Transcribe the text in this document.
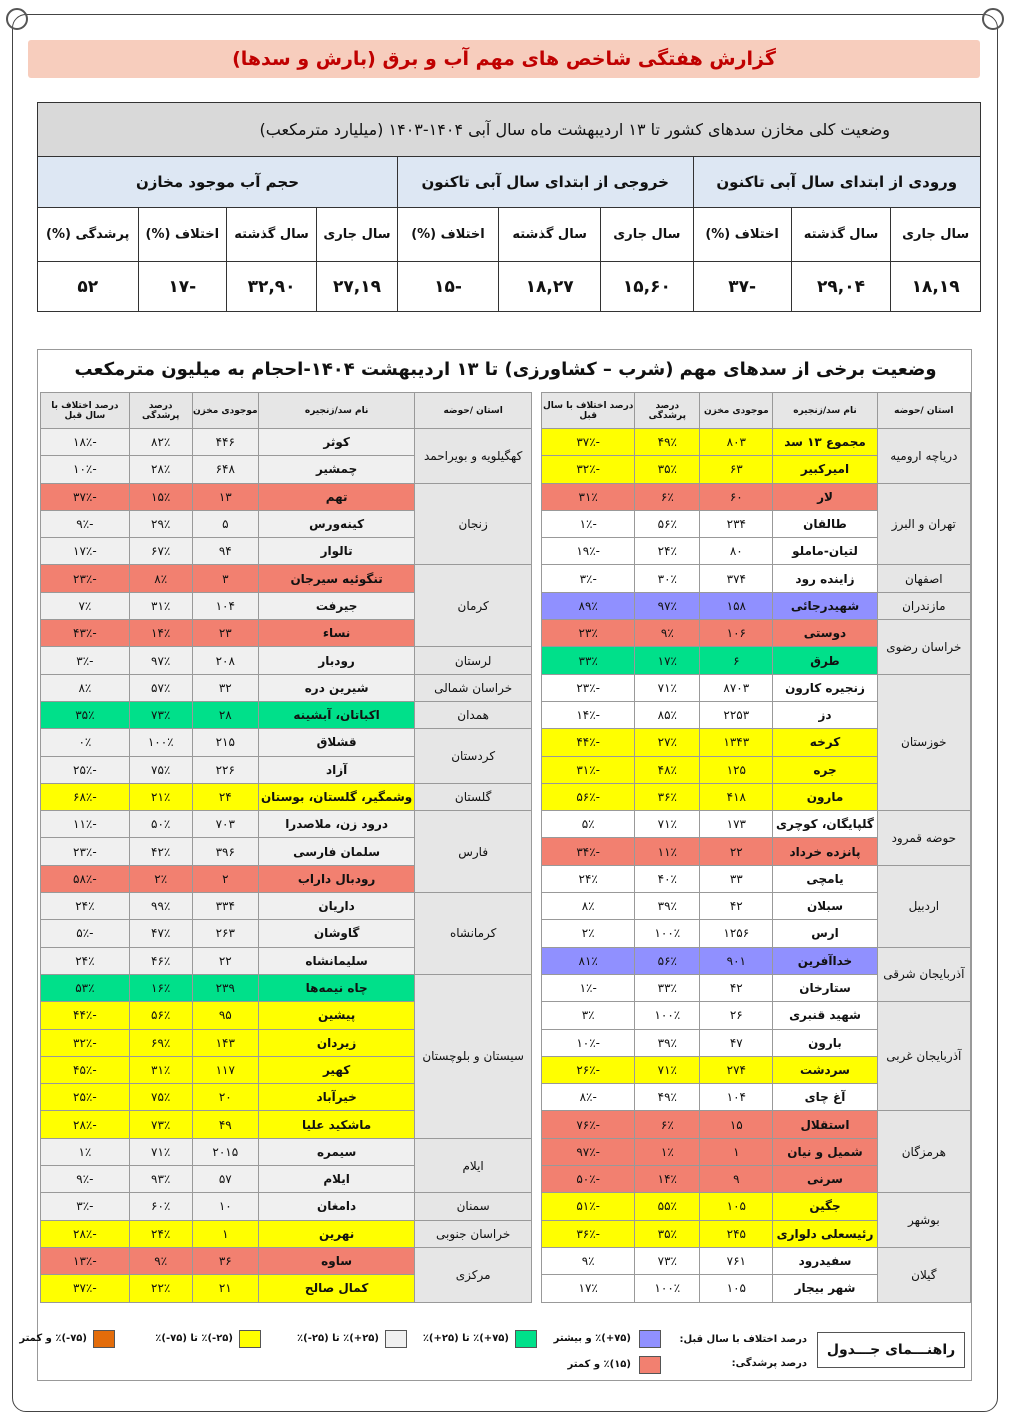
گزارش هفتگی شاخص های مهم آب و برق (بارش و سدها)
وضعیت کلی مخازن سدهای کشور تا ۱۳ اردیبهشت ماه سال آبی ۱۴۰۴-۱۴۰۳ (میلیارد مترمکعب)									
ورودی از ابتدای سال آبی تاکنون			خروجی از ابتدای سال آبی تاکنون			حجم آب موجود مخازن			
سال جاری	سال گذشته	اختلاف (%)	سال جاری	سال گذشته	اختلاف (%)	سال جاری	سال گذشته	اختلاف (%)	پرشدگی (%)
۱۸,۱۹	۲۹,۰۴	-۳۷	۱۵,۶۰	۱۸,۲۷	-۱۵	۲۷,۱۹	۳۲,۹۰	-۱۷	۵۲
وضعیت برخی از سدهای مهم (شرب – کشاورزی) تا ۱۳ اردیبهشت ۱۴۰۴-احجام به میلیون مترمکعب
استان /حوضه	نام سد/زنجیره	موجودی مخزن	درصد پرشدگی	درصد اختلاف با سال قبل
دریاچه ارومیه	مجموع ۱۳ سد	۸۰۳	۴۹٪	-۳۷٪
	امیرکبیر	۶۳	۳۵٪	-۳۲٪
تهران و البرز	لار	۶۰	۶٪	۳۱٪
	طالقان	۲۳۴	۵۶٪	-۱٪
	لتیان-ماملو	۸۰	۲۴٪	-۱۹٪
اصفهان	زاینده رود	۳۷۴	۳۰٪	-۳٪
مازندران	شهیدرجائی	۱۵۸	۹۷٪	۸۹٪
خراسان رضوی	دوستی	۱۰۶	۹٪	۲۳٪
	طرق	۶	۱۷٪	۳۳٪
خوزستان	زنجیره کارون	۸۷۰۳	۷۱٪	-۲۳٪
	دز	۲۲۵۳	۸۵٪	-۱۴٪
	کرخه	۱۳۴۳	۲۷٪	-۴۴٪
	جره	۱۲۵	۴۸٪	-۳۱٪
	مارون	۴۱۸	۳۶٪	-۵۶٪
حوضه قمرود	گلپایگان، کوچری	۱۷۳	۷۱٪	۵٪
	پانزده خرداد	۲۲	۱۱٪	-۳۴٪
اردبیل	یامچی	۳۳	۴۰٪	۲۴٪
	سبلان	۴۲	۳۹٪	۸٪
	ارس	۱۲۵۶	۱۰۰٪	۲٪
آذربایجان شرقی	خداآفرین	۹۰۱	۵۶٪	۸۱٪
	ستارخان	۴۲	۳۳٪	-۱٪
آذربایجان غربی	شهید قنبری	۲۶	۱۰۰٪	۳٪
	بارون	۴۷	۳۹٪	-۱۰٪
	سردشت	۲۷۴	۷۱٪	-۲۶٪
	آغ چای	۱۰۴	۴۹٪	-۸٪
هرمزگان	استقلال	۱۵	۶٪	-۷۶٪
	شمیل و نیان	۱	۱٪	-۹۷٪
	سرنی	۹	۱۴٪	-۵۰٪
بوشهر	جگین	۱۰۵	۵۵٪	-۵۱٪
	رئیسعلی دلواری	۲۴۵	۳۵٪	-۳۶٪
گیلان	سفیدرود	۷۶۱	۷۳٪	۹٪
	شهر بیجار	۱۰۵	۱۰۰٪	۱۷٪
استان /حوضه	نام سد/زنجیره	موجودی مخزن	درصد پرشدگی	درصد اختلاف با سال قبل
کهگیلویه و بویراحمد	کوثر	۴۴۶	۸۲٪	-۱۸٪
	چمشیر	۶۴۸	۲۸٪	-۱۰٪
زنجان	تهم	۱۳	۱۵٪	-۳۷٪
	کینه‌ورس	۵	۲۹٪	-۹٪
	تالوار	۹۴	۶۷٪	-۱۷٪
کرمان	تنگوئیه سیرجان	۳	۸٪	-۲۳٪
	جیرفت	۱۰۴	۳۱٪	۷٪
	نساء	۲۳	۱۴٪	-۴۳٪
لرستان	رودبار	۲۰۸	۹۷٪	-۳٪
خراسان شمالی	شیرین دره	۳۲	۵۷٪	۸٪
همدان	اکباتان، آبشینه	۲۸	۷۳٪	۳۵٪
کردستان	قشلاق	۲۱۵	۱۰۰٪	۰٪
	آزاد	۲۲۶	۷۵٪	-۲۵٪
گلستان	وشمگیر، گلستان، بوستان	۲۴	۲۱٪	-۶۸٪
فارس	درود زن، ملاصدرا	۷۰۳	۵۰٪	-۱۱٪
	سلمان فارسی	۳۹۶	۴۲٪	-۲۳٪
	رودبال داراب	۲	۲٪	-۵۸٪
کرمانشاه	داریان	۳۳۴	۹۹٪	۲۴٪
	گاوشان	۲۶۳	۴۷٪	-۵٪
	سلیمانشاه	۲۲	۴۶٪	۲۴٪
سیستان و بلوچستان	چاه نیمه‌ها	۲۳۹	۱۶٪	۵۳٪
	پیشین	۹۵	۵۶٪	-۴۴٪
	زیردان	۱۴۳	۶۹٪	-۳۲٪
	کهیر	۱۱۷	۳۱٪	-۴۵٪
	خیرآباد	۲۰	۷۵٪	-۲۵٪
	ماشکید علیا	۴۹	۷۳٪	-۲۸٪
ایلام	سیمره	۲۰۱۵	۷۱٪	۱٪
	ایلام	۵۷	۹۳٪	-۹٪
سمنان	دامغان	۱۰	۶۰٪	-۳٪
خراسان جنوبی	نهرین	۱	۲۴٪	-۲۸٪
مرکزی	ساوه	۳۶	۹٪	-۱۳٪
	کمال صالح	۲۱	۲۲٪	-۳۷٪
راهنـــمای جـــدول
درصد اختلاف با سال قبل:
درصد پرشدگی:
(۷۵+)٪ و بیشتر
(۱۵)٪ و کمتر
(۷۵+)٪ تا (۲۵+)٪
(۲۵+)٪ تا (۲۵-)٪
(۲۵-)٪ تا (۷۵-)٪
(۷۵-)٪ و کمتر
